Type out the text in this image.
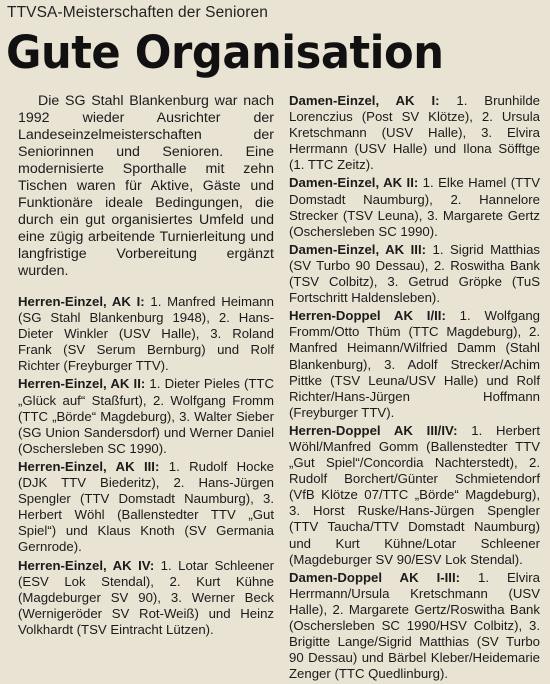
TTVSA-Meisterschaften der Senioren
Gute Organisation

Die SG Stahl Blankenburg war nach 1992 wieder Ausrichter der Landeseinzelmeisterschaften der Seniorinnen und Senioren. Eine modernisierte Sporthalle mit zehn Tischen waren für Aktive, Gäste und Funktionäre ideale Bedingungen, die durch ein gut organisiertes Umfeld und eine zügig arbeitende Turnierleitung und langfristige Vorbereitung ergänzt wurden.

Herren-Einzel, AK I: 1. Manfred Heimann (SG Stahl Blankenburg 1948), 2. Hans-Dieter Winkler (USV Halle), 3. Roland Frank (SV Serum Bernburg) und Rolf Richter (Freyburger TTV).

Herren-Einzel, AK II: 1. Dieter Pieles (TTC „Glück auf“ Staßfurt), 2. Wolfgang Fromm (TTC „Börde“ Magdeburg), 3. Walter Sieber (SG Union Sandersdorf) und Werner Daniel (Oschersleben SC 1990).

Herren-Einzel, AK III: 1. Rudolf Hocke (DJK TTV Biederitz), 2. Hans-Jürgen Spengler (TTV Domstadt Naumburg), 3. Herbert Wöhl (Ballenstedter TTV „Gut Spiel“) und Klaus Knoth (SV Germania Gernrode).

Herren-Einzel, AK IV: 1. Lotar Schleener (ESV Lok Stendal), 2. Kurt Kühne (Magdeburger SV 90), 3. Werner Beck (Wernigeröder SV Rot-Weiß) und Heinz Volkhardt (TSV Eintracht Lützen).

Damen-Einzel, AK I: 1. Brunhilde Lorenczius (Post SV Klötze), 2. Ursula Kretschmann (USV Halle), 3. Elvira Herrmann (USV Halle) und Ilona Söfftge (1. TTC Zeitz).

Damen-Einzel, AK II: 1. Elke Hamel (TTV Domstadt Naumburg), 2. Hannelore Strecker (TSV Leuna), 3. Margarete Gertz (Oschersleben SC 1990).

Damen-Einzel, AK III: 1. Sigrid Matthias (SV Turbo 90 Dessau), 2. Roswitha Bank (TSV Colbitz), 3. Getrud Gröpke (TuS Fortschritt Haldensleben).

Herren-Doppel AK I/II: 1. Wolfgang Fromm/Otto Thüm (TTC Magdeburg), 2. Manfred Heimann/Wilfried Damm (Stahl Blankenburg), 3. Adolf Strecker/Achim Pittke (TSV Leuna/USV Halle) und Rolf Richter/Hans-Jürgen Hoffmann (Freyburger TTV).

Herren-Doppel AK III/IV: 1. Herbert Wöhl/Manfred Gomm (Ballenstedter TTV „Gut Spiel“/Concordia Nachterstedt), 2. Rudolf Borchert/Günter Schmietendorf (VfB Klötze 07/TTC „Börde“ Magdeburg), 3. Horst Ruske/Hans-Jürgen Spengler (TTV Taucha/TTV Domstadt Naumburg) und Kurt Kühne/Lotar Schleener (Magdeburger SV 90/ESV Lok Stendal).

Damen-Doppel AK I-III: 1. Elvira Herrmann/Ursula Kretschmann (USV Halle), 2. Margarete Gertz/Roswitha Bank (Oschersleben SC 1990/HSV Colbitz), 3. Brigitte Lange/Sigrid Matthias (SV Turbo 90 Dessau) und Bärbel Kleber/Heidemarie Zenger (TTC Quedlinburg).
